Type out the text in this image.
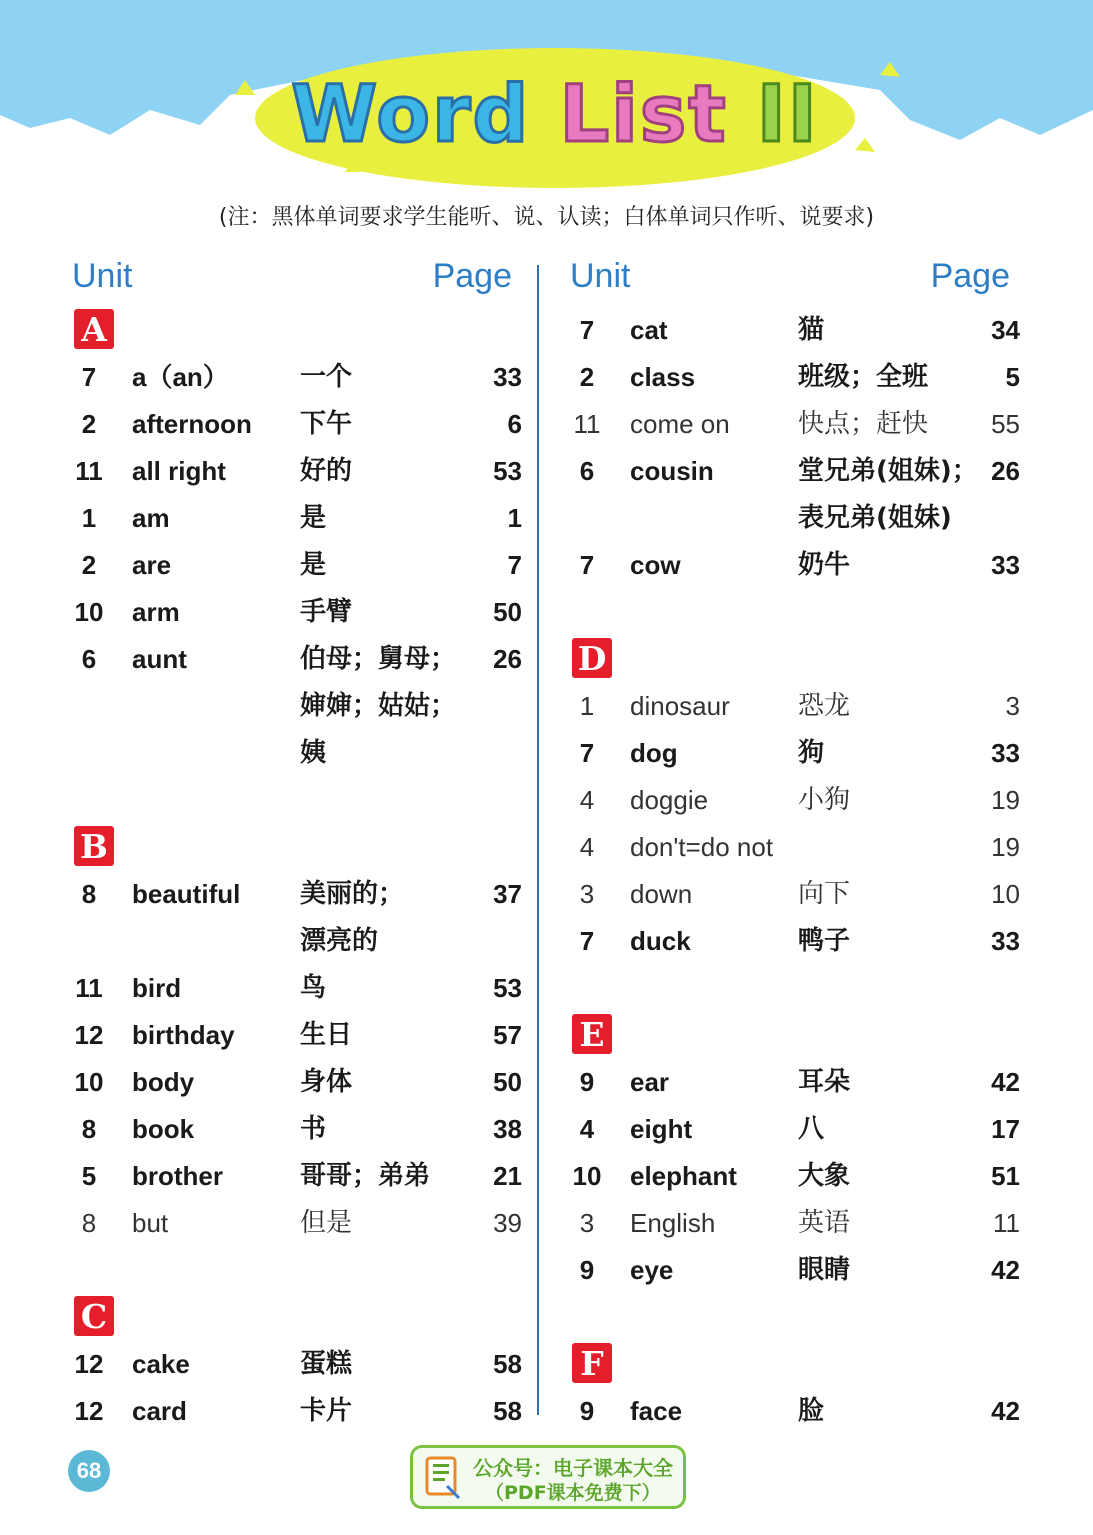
Word List II
(注：黑体单词要求学生能听、说、认读；白体单词只作听、说要求)
Unit	Page
A
7	a（an）	一个	33
2	afternoon 下午	6
11 all right	好的	53
1	am	是	1
2	are	是	7
10 arm	手臂	50
6	aunt	伯母；舅母；	26
婶婶；姑姑；
姨
B
8	beautiful 美丽的；	37
漂亮的
11 bird	鸟	53
12 birthday	生日	57
10 body	身体	50
8	book	书	38
5	brother	哥哥；弟弟	21
8	but	但是	39
C
12 cake	蛋糕	58
12 card	卡片	58
Unit	Page
7	cat	猫	34
2	class	班级；全班	5
11 come on	快点；赶快	55
6	cousin	堂兄弟(姐妹)； 26
表兄弟(姐妹)
7	cow	奶牛	33
D
1	dinosaur	恐龙	3
7	dog	狗	33
4	doggie	小狗	19
4	don't=do not	19
3	down	向下	10
7	duck	鸭子	33
E
9	ear	耳朵	42
4	eight	八	17
10 elephant 大象	51
3	English	英语	11
9	eye	眼睛	42
F
9	face	脸	42
68	公众号：电子课本大全
（PDF课本免费下）
